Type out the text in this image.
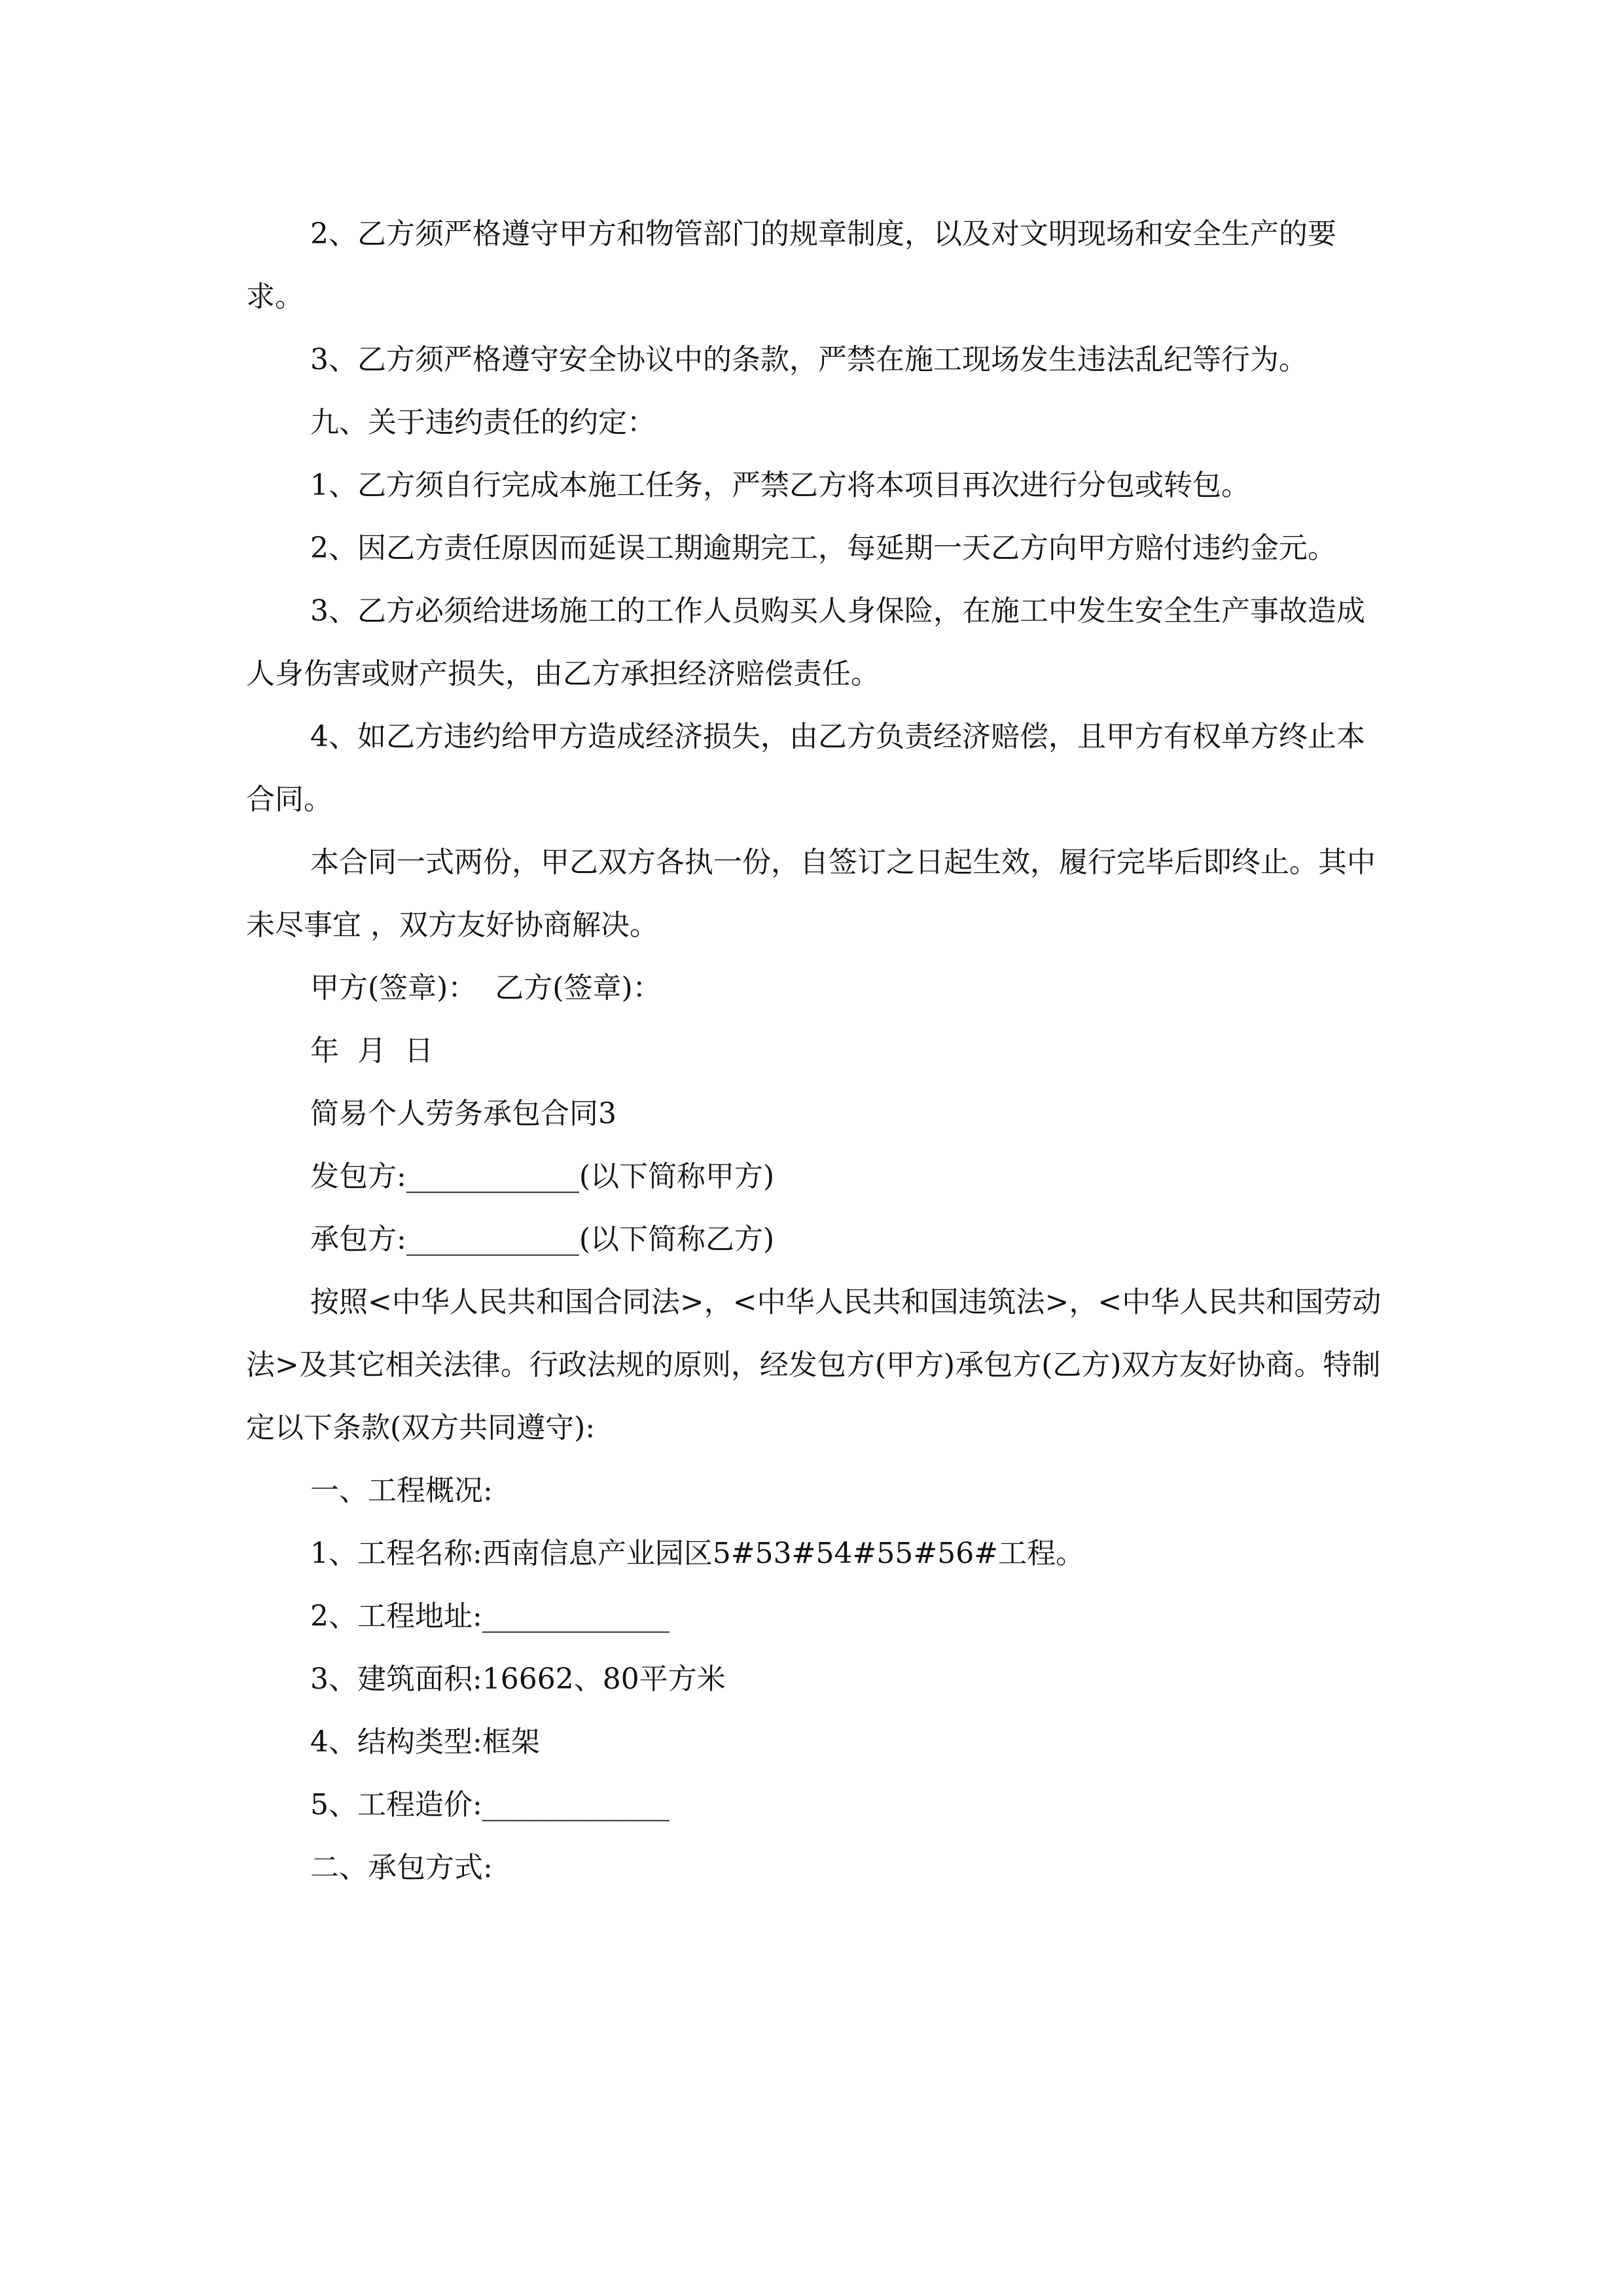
2、乙方须严格遵守甲方和物管部门的规章制度，以及对文明现场和安全生产的要求。

3、乙方须严格遵守安全协议中的条款，严禁在施工现场发生违法乱纪等行为。

九、关于违约责任的约定：

1、乙方须自行完成本施工任务，严禁乙方将本项目再次进行分包或转包。

2、因乙方责任原因而延误工期逾期完工，每延期一天乙方向甲方赔付违约金元。

3、乙方必须给进场施工的工作人员购买人身保险，在施工中发生安全生产事故造成人身伤害或财产损失，由乙方承担经济赔偿责任。

4、如乙方违约给甲方造成经济损失，由乙方负责经济赔偿，且甲方有权单方终止本合同。

本合同一式两份，甲乙双方各执一份，自签订之日起生效，履行完毕后即终止。其中未尽事宜 ，双方友好协商解决。

甲方(签章)：  乙方(签章)：

年  月  日

简易个人劳务承包合同3

发包方:____________(以下简称甲方)

承包方:____________(以下简称乙方)

按照<中华人民共和国合同法>，<中华人民共和国违筑法>，<中华人民共和国劳动法>及其它相关法律。行政法规的原则，经发包方(甲方)承包方(乙方)双方友好协商。特制定以下条款(双方共同遵守):

一、工程概况:

1、工程名称:西南信息产业园区5#53#54#55#56#工程。

2、工程地址:_____________

3、建筑面积:16662、80平方米

4、结构类型:框架

5、工程造价:_____________

二、承包方式:
